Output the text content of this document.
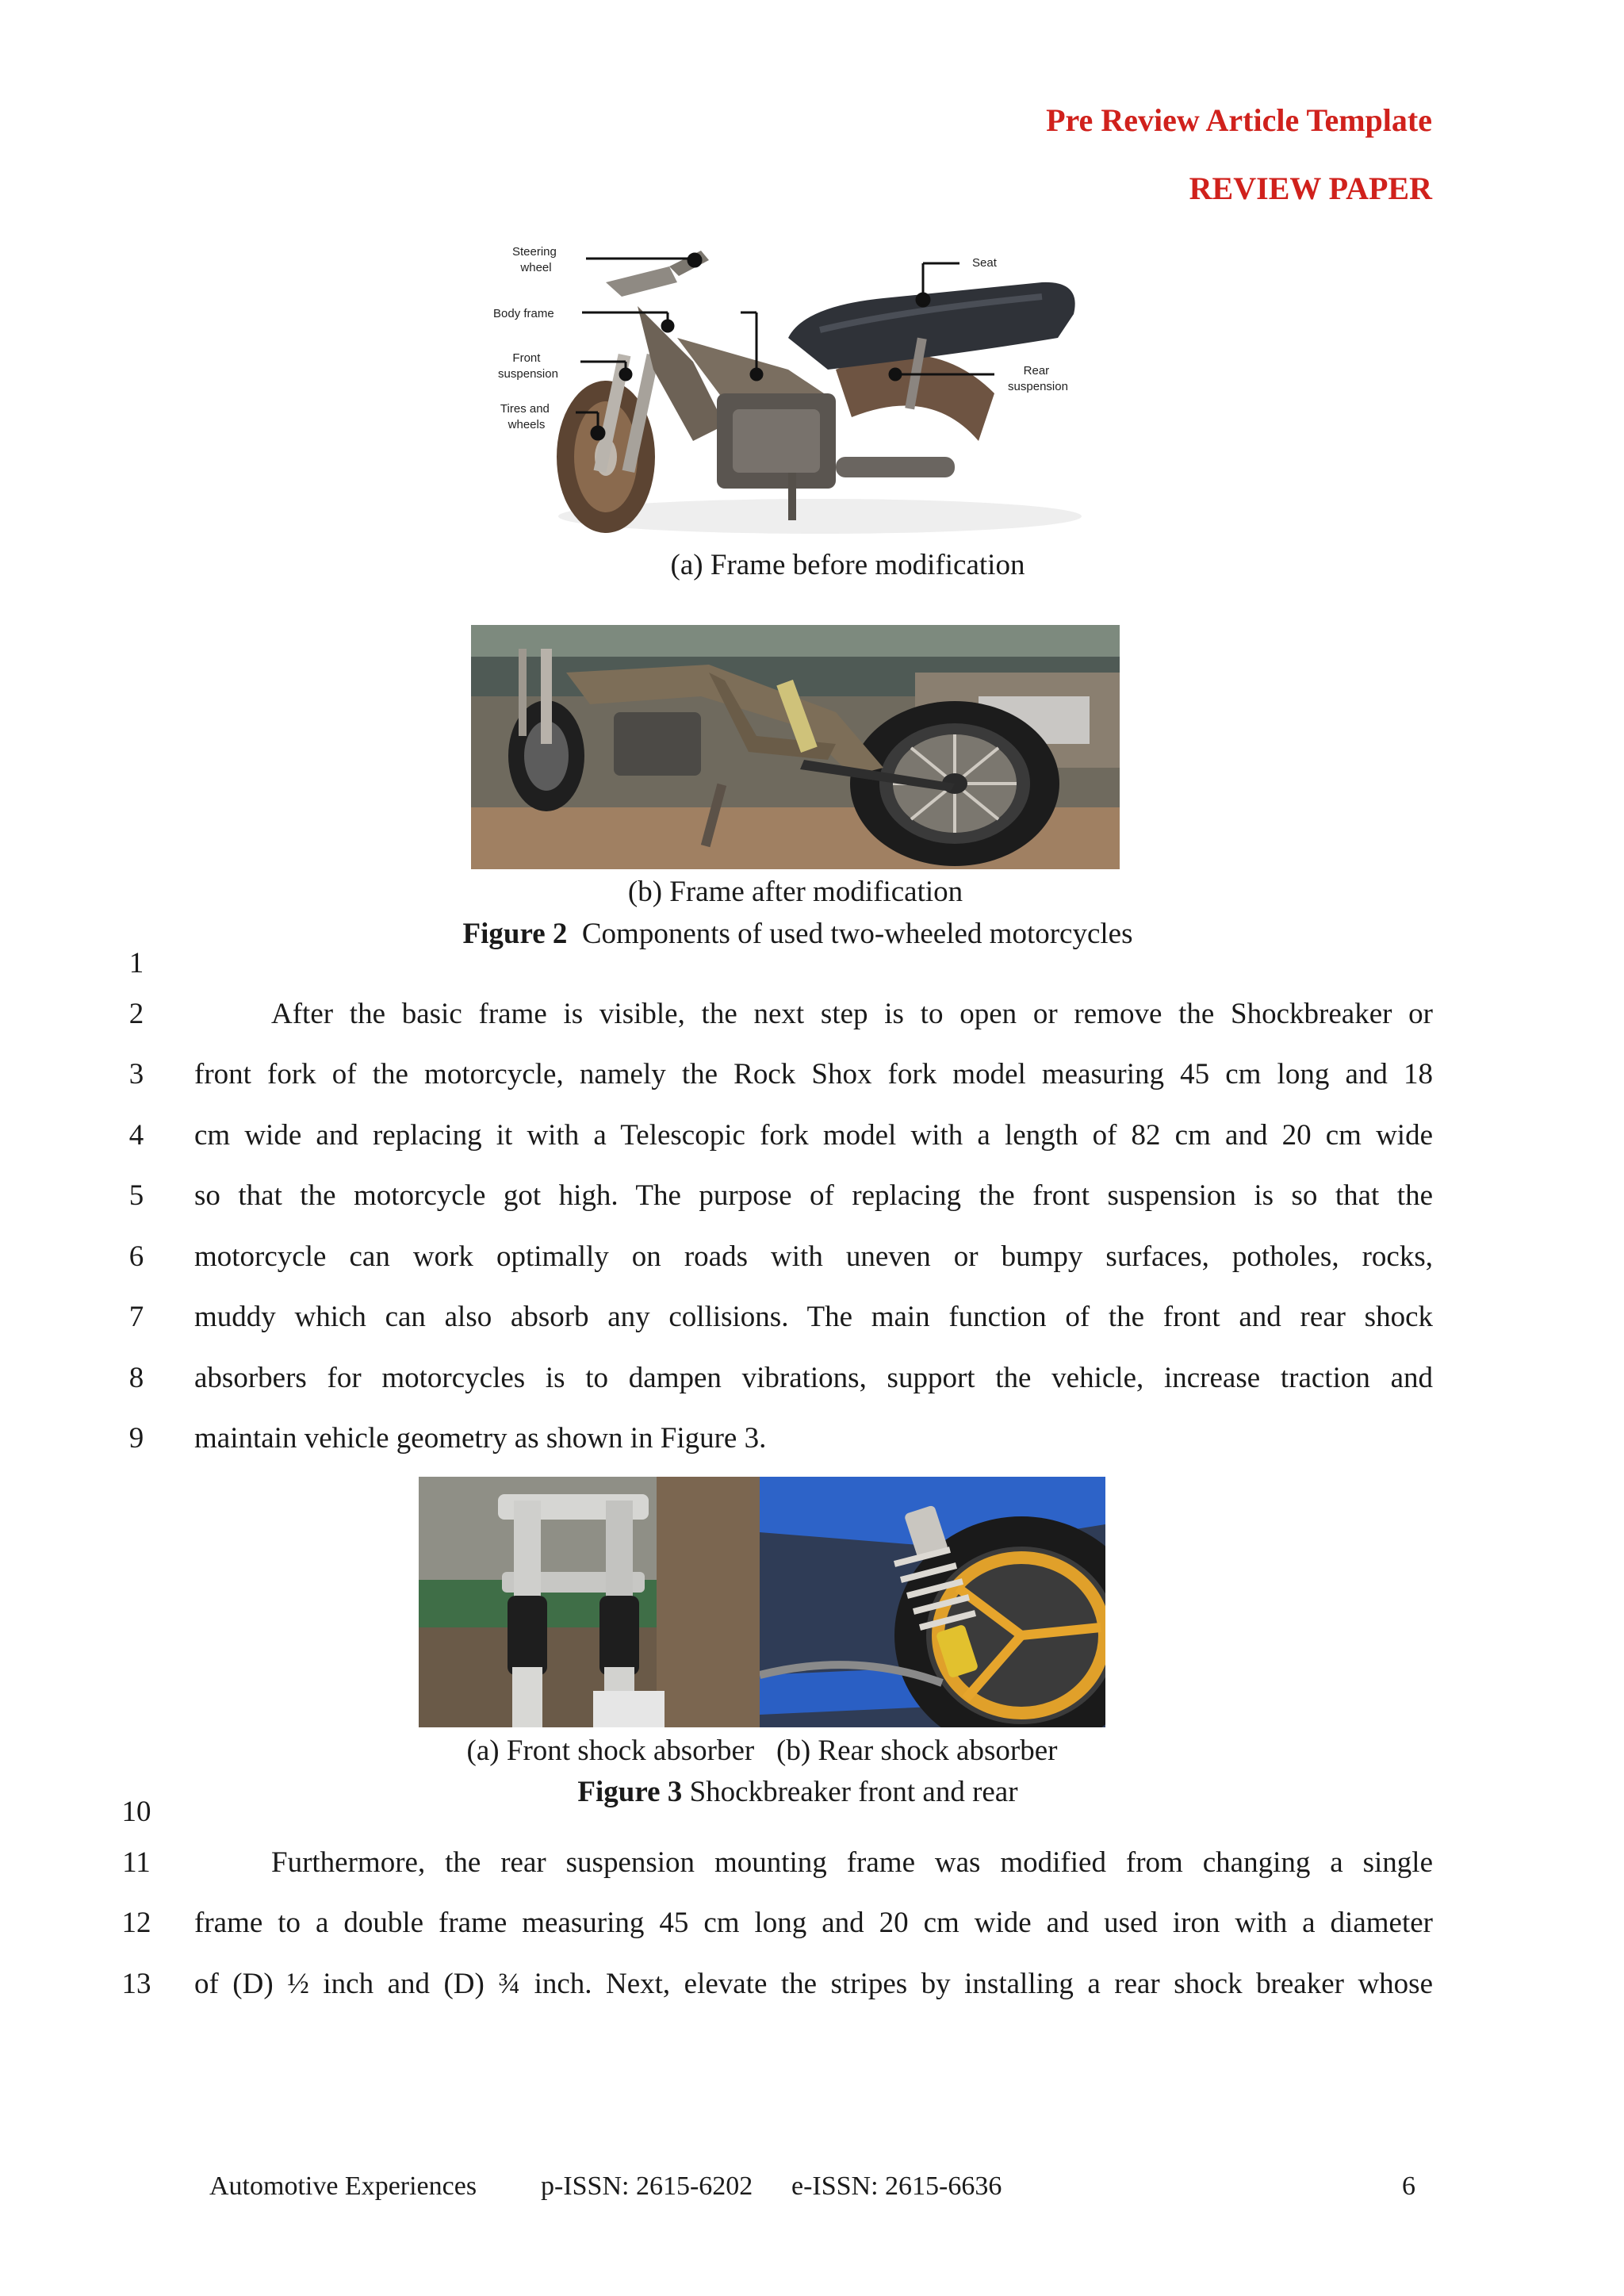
Pre Review Article Template
REVIEW PAPER
Steering wheel
Body frame
Front suspension
Tires and wheels
Seat
Rear suspension
(a) Frame before modification
(b) Frame after modification
Figure 2 Components of used two-wheeled motorcycles
1
2	After the basic frame is visible, the next step is to open or remove the Shockbreaker or
3	front fork of the motorcycle, namely the Rock Shox fork model measuring 45 cm long and 18
4	cm wide and replacing it with a Telescopic fork model with a length of 82 cm and 20 cm wide
5	so that the motorcycle got high. The purpose of replacing the front suspension is so that the
6	motorcycle can work optimally on roads with uneven or bumpy surfaces, potholes, rocks,
7	muddy which can also absorb any collisions. The main function of the front and rear shock
8	absorbers for motorcycles is to dampen vibrations, support the vehicle, increase traction and
9	maintain vehicle geometry as shown in Figure 3.
(a) Front shock absorber (b) Rear shock absorber
Figure 3 Shockbreaker front and rear
10
11	Furthermore, the rear suspension mounting frame was modified from changing a single
12 frame to a double frame measuring 45 cm long and 20 cm wide and used iron with a diameter
13 of (D) ½ inch and (D) ¾ inch. Next, elevate the stripes by installing a rear shock breaker whose
Automotive Experiences p-ISSN: 2615-6202 e-ISSN: 2615-6636	6
